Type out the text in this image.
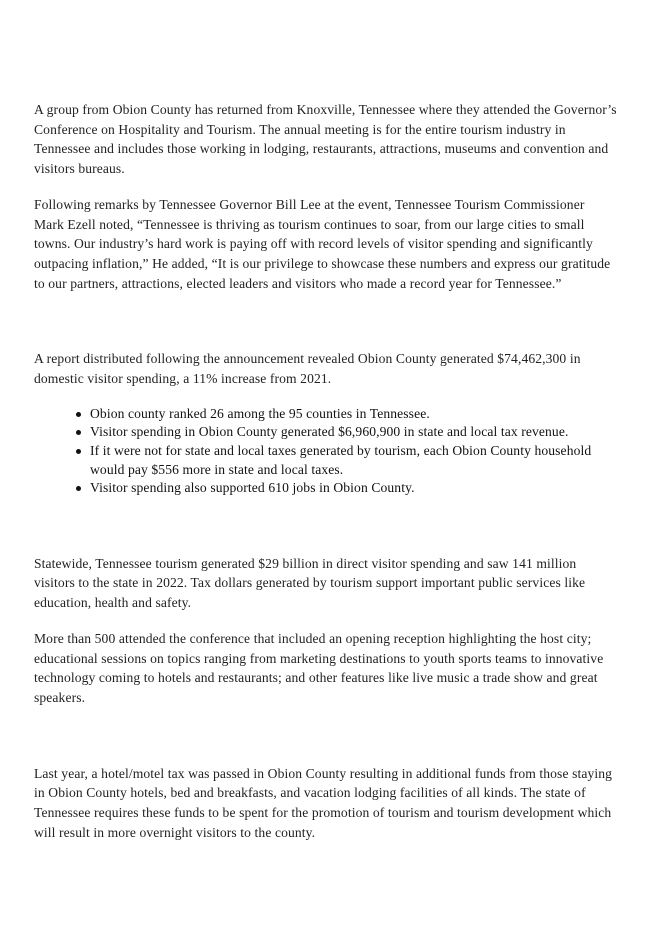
A group from Obion County has returned from Knoxville, Tennessee where they attended the Governor’s Conference on Hospitality and Tourism. The annual meeting is for the entire tourism industry in Tennessee and includes those working in lodging, restaurants, attractions, museums and convention and visitors bureaus.

Following remarks by Tennessee Governor Bill Lee at the event, Tennessee Tourism Commissioner Mark Ezell noted, “Tennessee is thriving as tourism continues to soar, from our large cities to small towns. Our industry’s hard work is paying off with record levels of visitor spending and significantly outpacing inflation,” He added, “It is our privilege to showcase these numbers and express our gratitude to our partners, attractions, elected leaders and visitors who made a record year for Tennessee.”

A report distributed following the announcement revealed Obion County generated $74,462,300 in domestic visitor spending, a 11% increase from 2021.

Obion county ranked 26 among the 95 counties in Tennessee.
Visitor spending in Obion County generated $6,960,900 in state and local tax revenue.
If it were not for state and local taxes generated by tourism, each Obion County household would pay $556 more in state and local taxes.
Visitor spending also supported 610 jobs in Obion County.

Statewide, Tennessee tourism generated $29 billion in direct visitor spending and saw 141 million visitors to the state in 2022. Tax dollars generated by tourism support important public services like education, health and safety.

More than 500 attended the conference that included an opening reception highlighting the host city; educational sessions on topics ranging from marketing destinations to youth sports teams to innovative technology coming to hotels and restaurants; and other features like live music a trade show and great speakers.

Last year, a hotel/motel tax was passed in Obion County resulting in additional funds from those staying in Obion County hotels, bed and breakfasts, and vacation lodging facilities of all kinds. The state of Tennessee requires these funds to be spent for the promotion of tourism and tourism development which will result in more overnight visitors to the county.
